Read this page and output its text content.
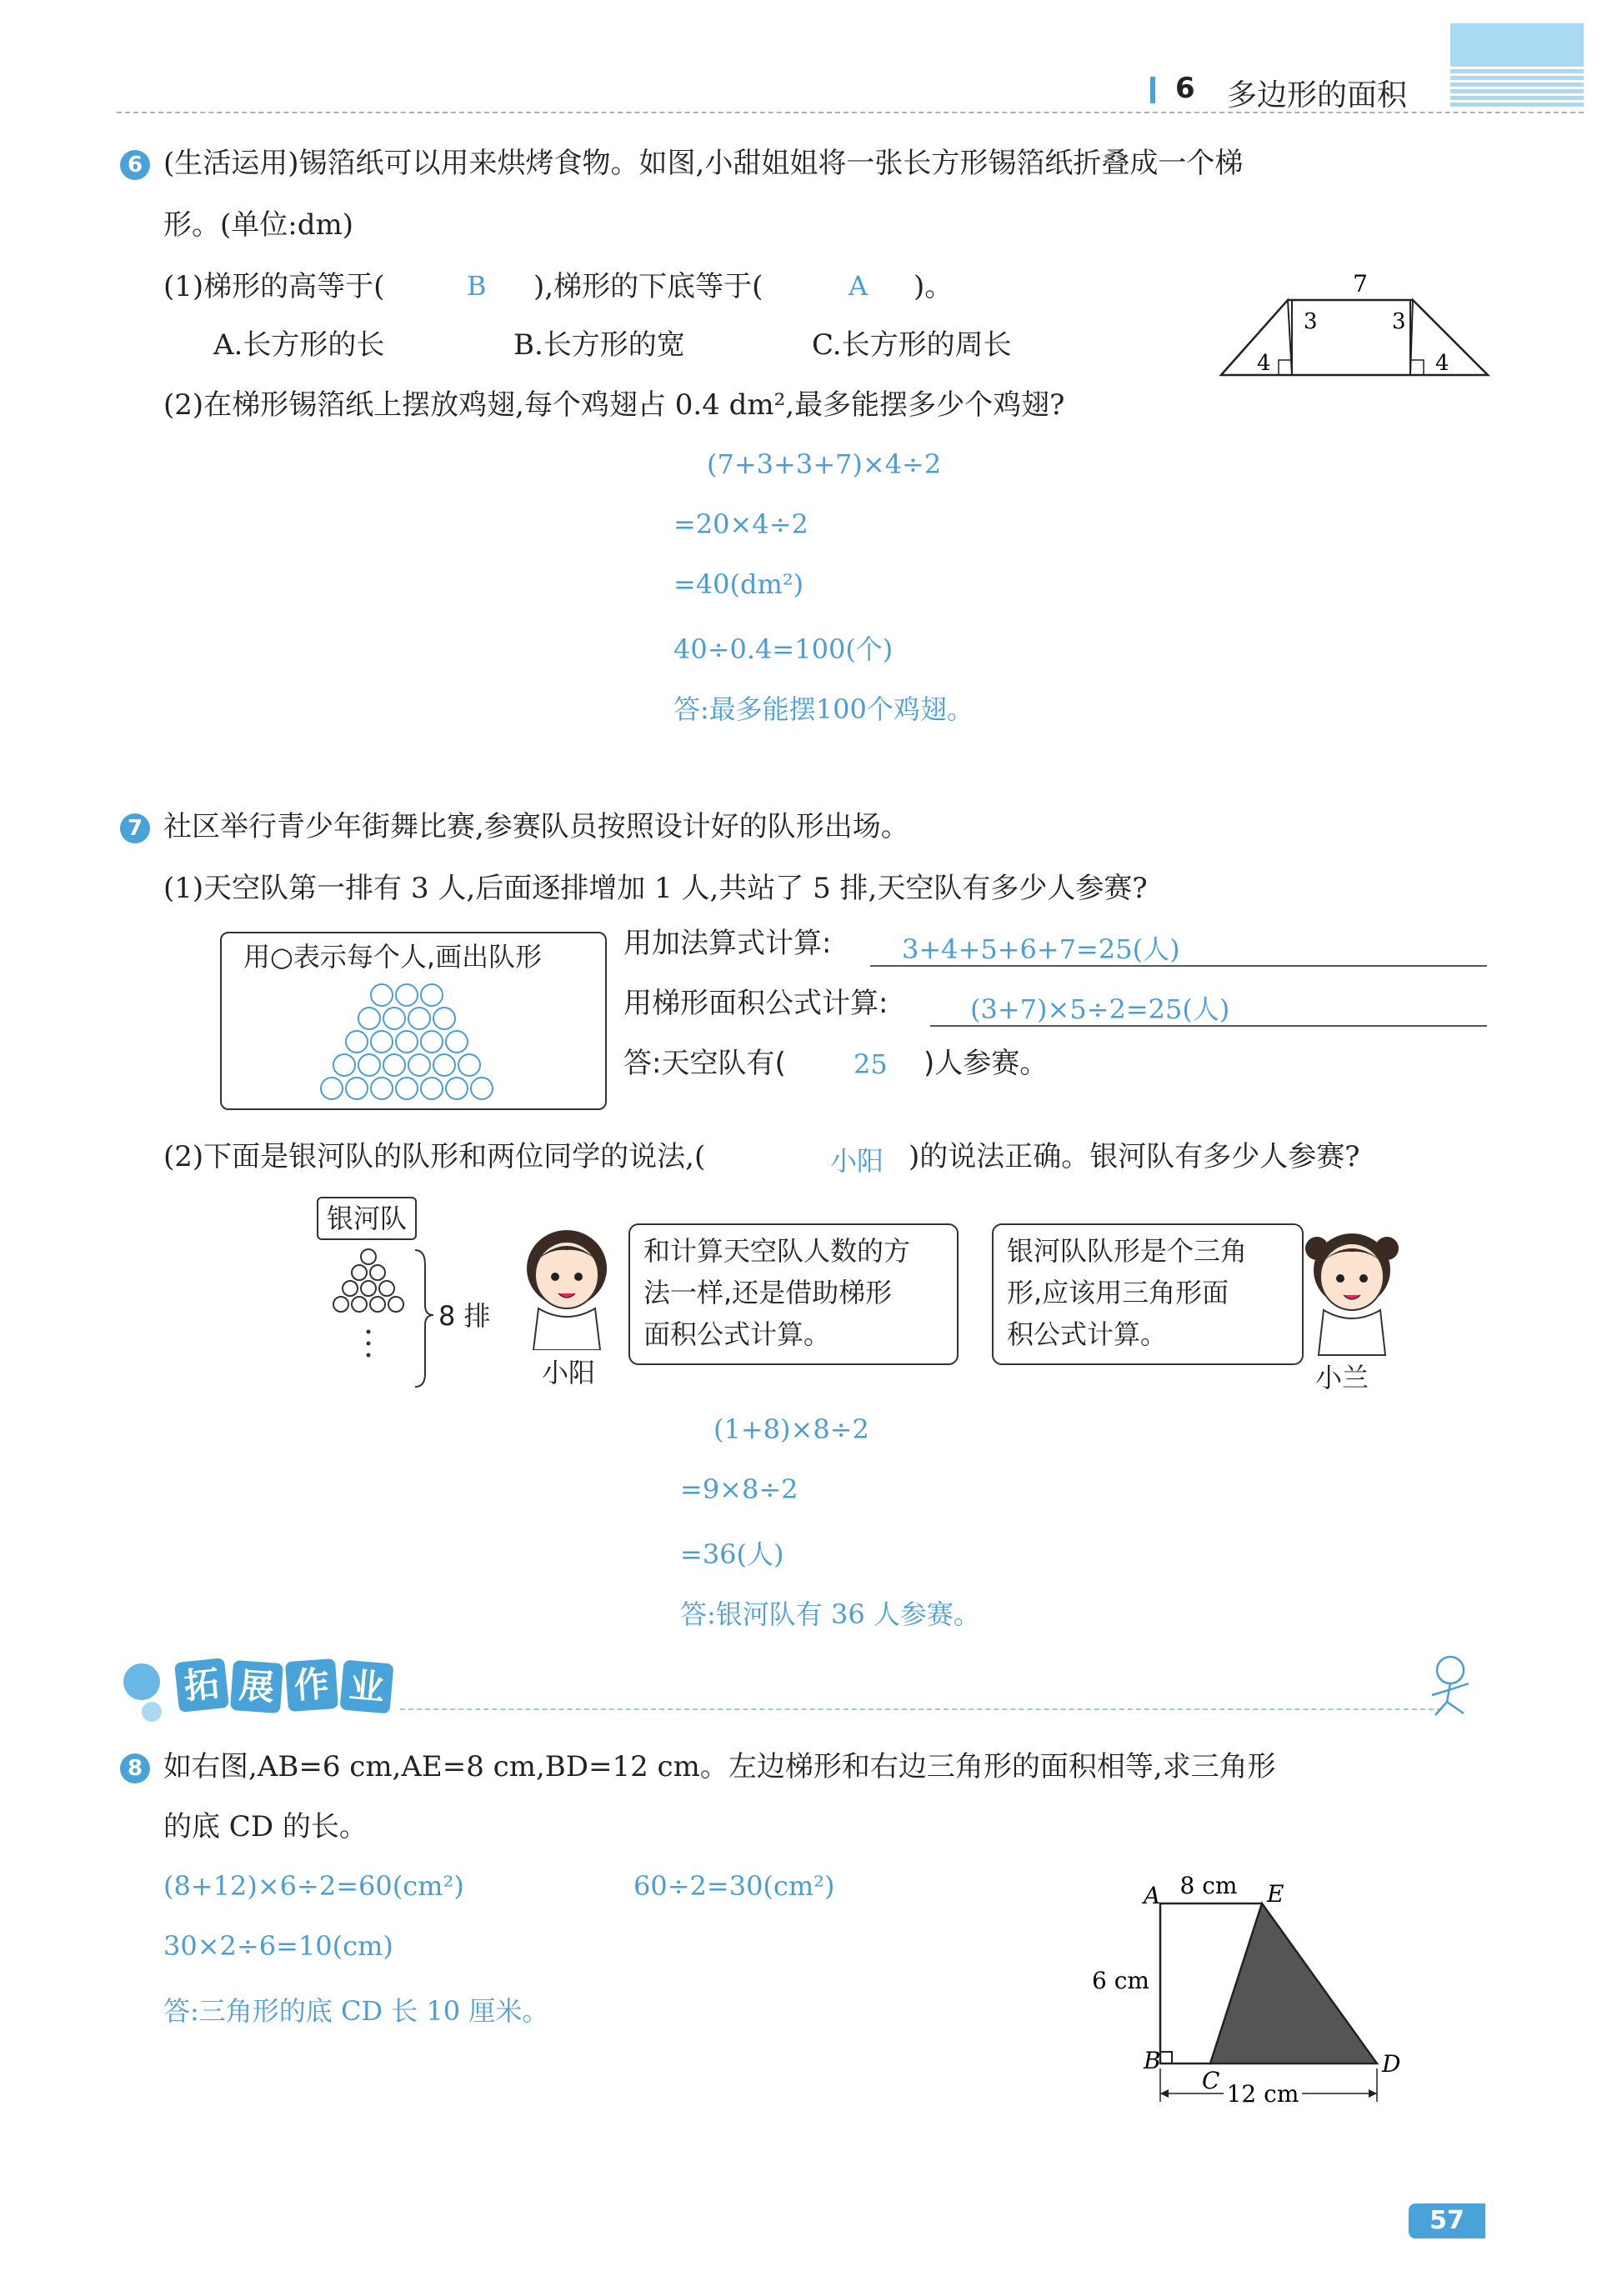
6 多边形的面积
6 (生活运用)锡箔纸可以用来烘烤食物。如图,小甜姐姐将一张长方形锡箔纸折叠成一个梯
形。(单位:dm)
(1)梯形的高等于(	B ),梯形的下底等于(	A )。
A.长方形的长	B.长方形的宽	C.长方形的周长
7
3	3
4	4
(2)在梯形锡箔纸上摆放鸡翅,每个鸡翅占 0.4 dm²,最多能摆多少个鸡翅?
(7+3+3+7)×4÷2
=20×4÷2
=40(dm²)
40÷0.4=100(个)
答:最多能摆100个鸡翅。
7 社区举行青少年街舞比赛,参赛队员按照设计好的队形出场。
(1)天空队第一排有 3 人,后面逐排增加 1 人,共站了 5 排,天空队有多少人参赛?
用○表示每个人,画出队形	用加法算式计算:	3+4+5+6+7=25(人)
用梯形面积公式计算:	(3+7)×5÷2=25(人)
答:天空队有(	25 )人参赛。
(2)下面是银河队的队形和两位同学的说法,(	小阳 )的说法正确。银河队有多少人参赛?
银河队
8 排
小阳
和计算天空队人数的方
法一样,还是借助梯形
面积公式计算。
银河队队形是个三角
形,应该用三角形面
积公式计算。
小兰
(1+8)×8÷2
=9×8÷2
=36(人)
答:银河队有 36 人参赛。
拓 展 作 业
8 如右图,AB=6 cm,AE=8 cm,BD=12 cm。左边梯形和右边三角形的面积相等,求三角形
的底 CD 的长。
(8+12)×6÷2=60(cm²)	60÷2=30(cm²)
30×2÷6=10(cm)
答:三角形的底 CD 长 10 厘米。
A
B
C
D
E
8 cm
6 cm
12 cm
57
